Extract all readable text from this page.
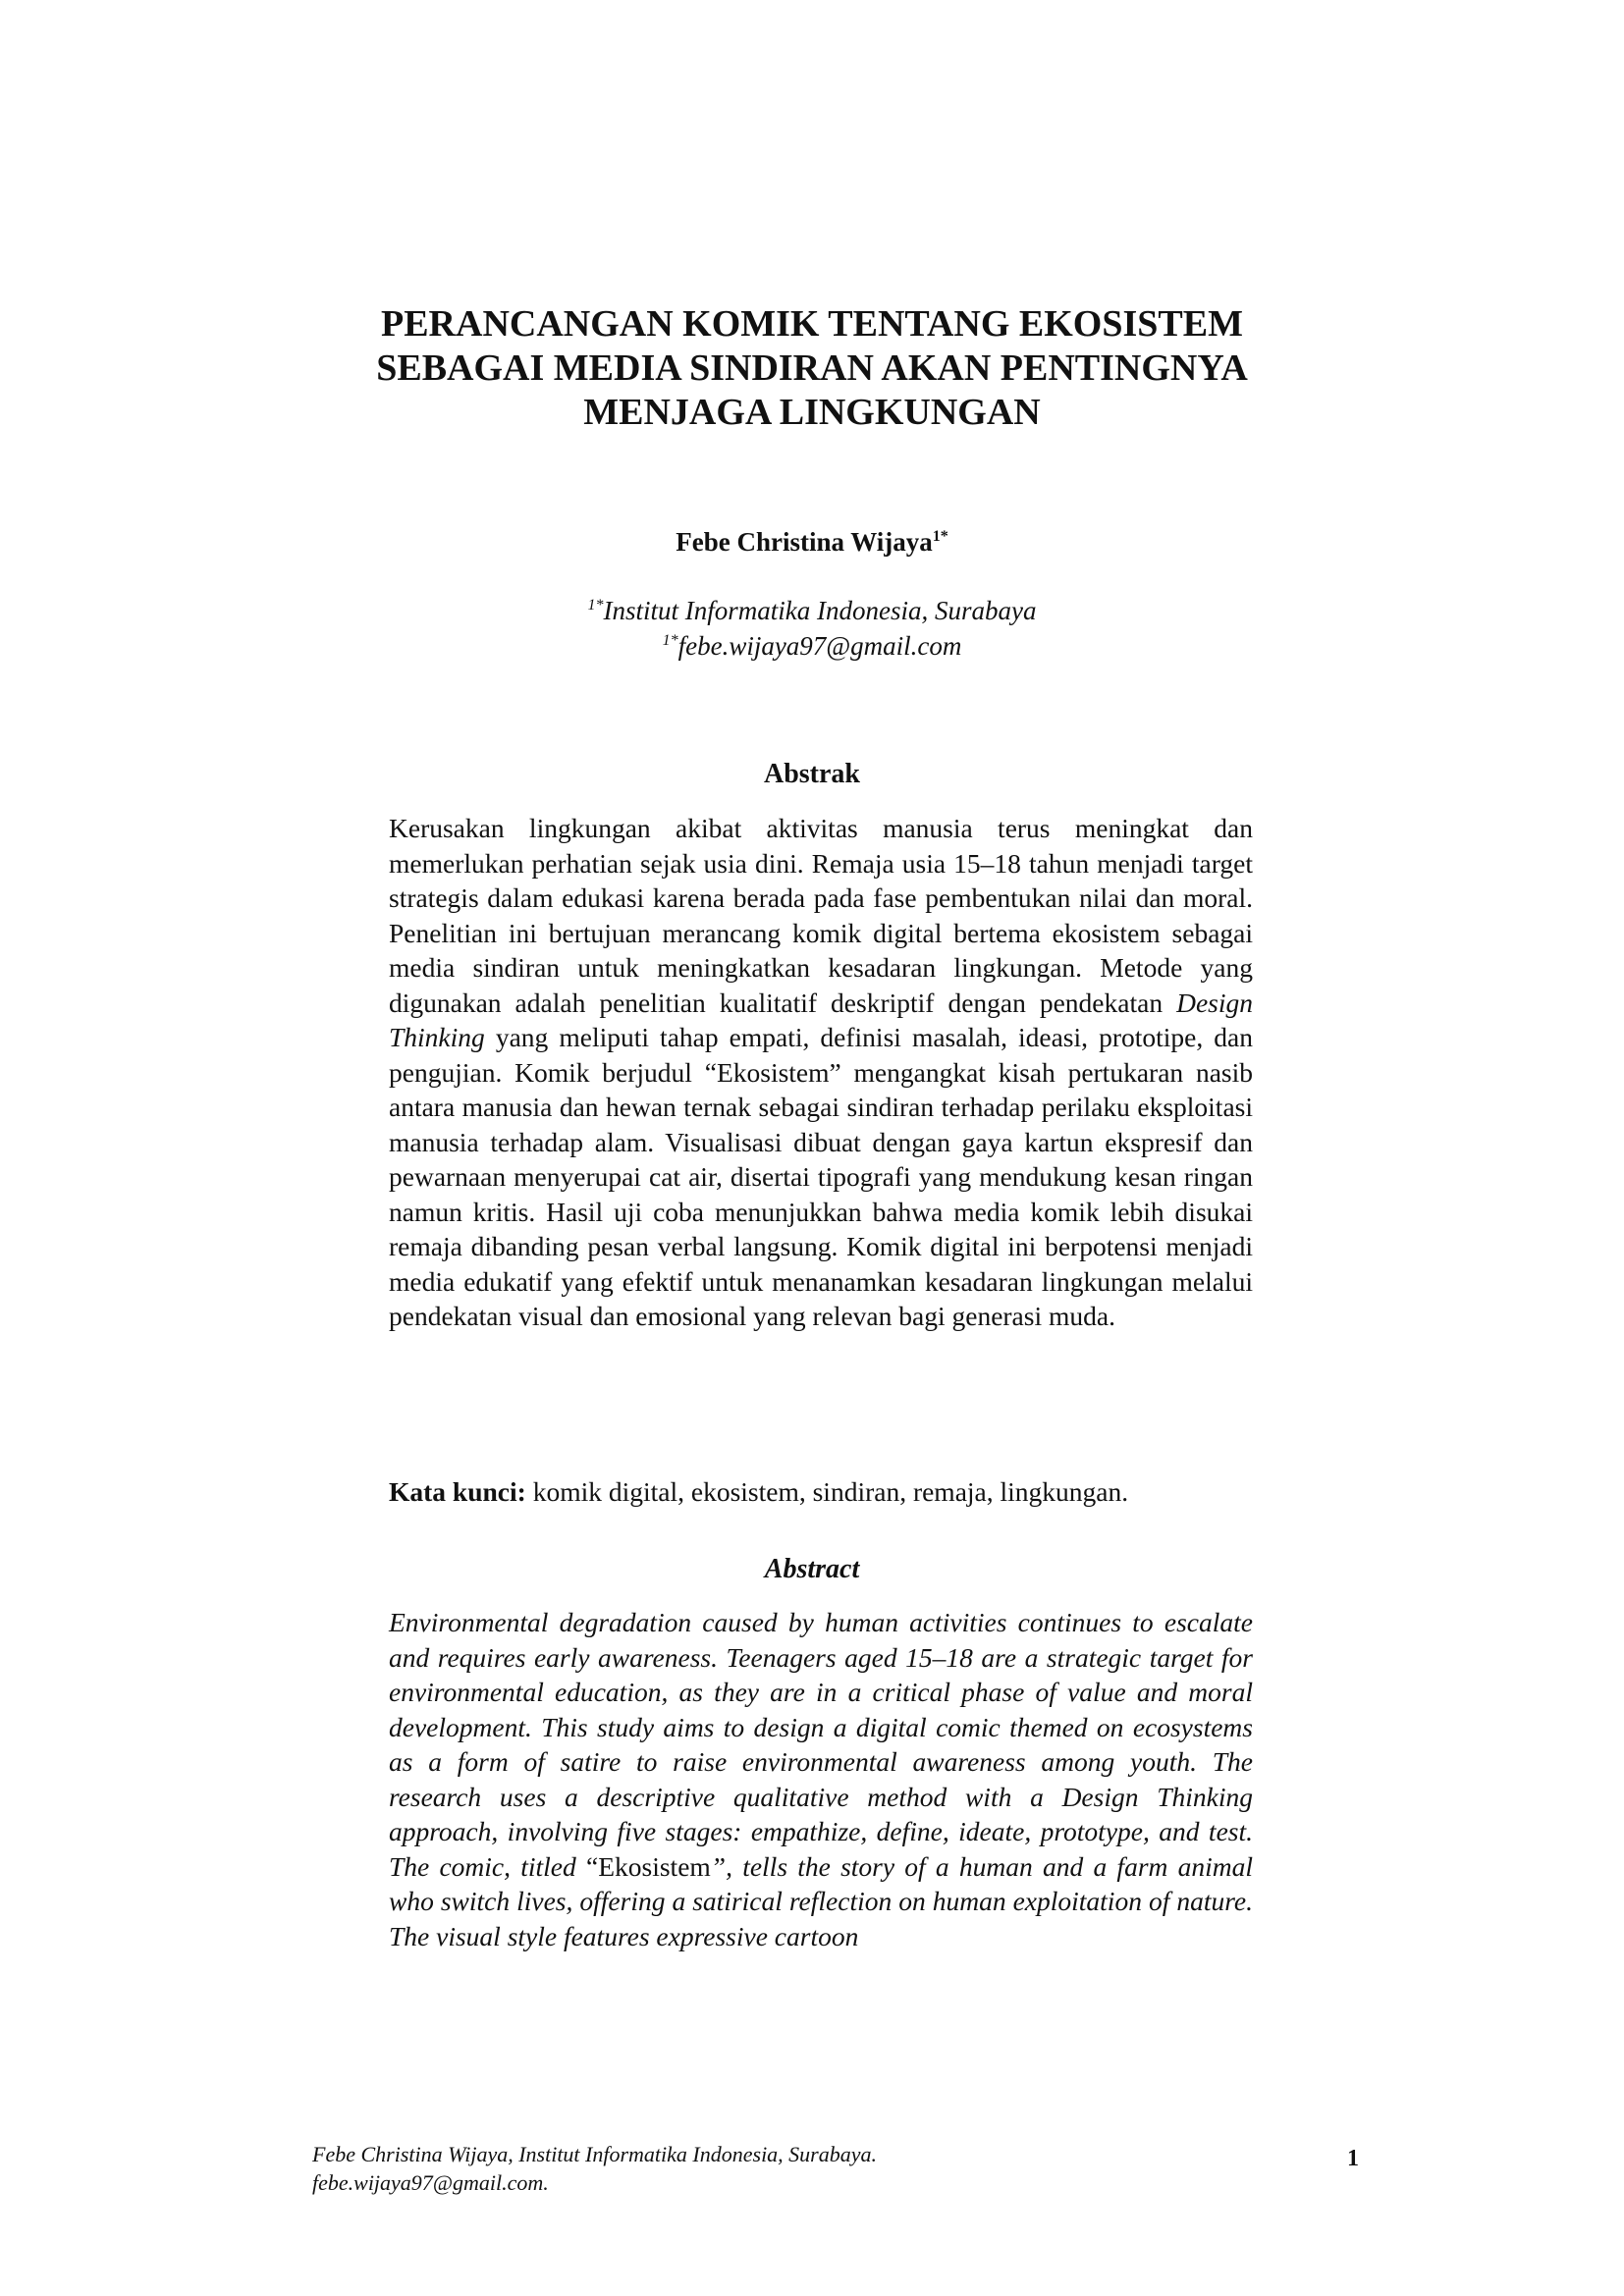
PERANCANGAN KOMIK TENTANG EKOSISTEM
SEBAGAI MEDIA SINDIRAN AKAN PENTINGNYA
MENJAGA LINGKUNGAN
Febe Christina Wijaya$^{1*}$
$^{1*}$Institut Informatika Indonesia, Surabaya
$^{1*}$febe.wijaya97@gmail.com
Abstrak

Kerusakan lingkungan akibat aktivitas manusia terus meningkat dan memerlukan perhatian sejak usia dini. Remaja usia 15–18 tahun menjadi target strategis dalam edukasi karena berada pada fase pembentukan nilai dan moral. Penelitian ini bertujuan merancang komik digital bertema ekosistem sebagai media sindiran untuk meningkatkan kesadaran lingkungan. Metode yang digunakan adalah penelitian kualitatif deskriptif dengan pendekatan Design Thinking yang meliputi tahap empati, definisi masalah, ideasi, prototipe, dan pengujian. Komik berjudul “Ekosistem” mengangkat kisah pertukaran nasib antara manusia dan hewan ternak sebagai sindiran terhadap perilaku eksploitasi manusia terhadap alam. Visualisasi dibuat dengan gaya kartun ekspresif dan pewarnaan menyerupai cat air, disertai tipografi yang mendukung kesan ringan namun kritis. Hasil uji coba menunjukkan bahwa media komik lebih disukai remaja dibanding pesan verbal langsung. Komik digital ini berpotensi menjadi media edukatif yang efektif untuk menanamkan kesadaran lingkungan melalui pendekatan visual dan emosional yang relevan bagi generasi muda.

Kata kunci: komik digital, ekosistem, sindiran, remaja, lingkungan.
Abstract

Environmental degradation caused by human activities continues to escalate and requires early awareness. Teenagers aged 15–18 are a strategic target for environmental education, as they are in a critical phase of value and moral development. This study aims to design a digital comic themed on ecosystems as a form of satire to raise environmental awareness among youth. The research uses a descriptive qualitative method with a Design Thinking approach, involving five stages: empathize, define, ideate, prototype, and test. The comic, titled “Ekosistem”, tells the story of a human and a farm animal who switch lives, offering a satirical reflection on human exploitation of nature. The visual style features expressive cartoon

Febe Christina Wijaya, Institut Informatika Indonesia, Surabaya.
febe.wijaya97@gmail.com.
1
